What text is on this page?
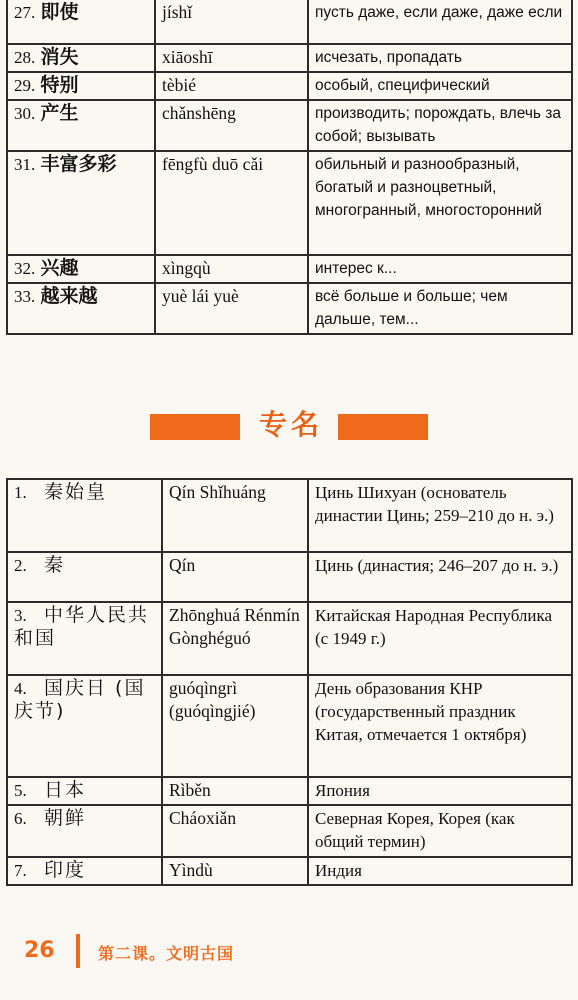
27. 即使	jíshǐ	пусть даже, если даже, даже если
28. 消失	xiāoshī	исчезать, пропадать
29. 特别	tèbié	особый, специфический
30. 产生	chǎnshēng	производить; порождать, влечь за собой; вызывать
31. 丰富多彩	fēngfù duō cǎi	обильный и разнообразный, богатый и разноцветный, многогранный, многосторонний
32. 兴趣	xìngqù	интерес к...
33. 越来越	yuè lái yuè	всё больше и больше; чем дальше, тем...
专名
1. 秦始皇	Qín Shǐhuáng	Цинь Шихуан (основатель династии Цинь; 259–210 до н. э.)
2. 秦	Qín	Цинь (династия; 246–207 до н. э.)
3. 中华人民共和国	Zhōnghuá Rénmín Gònghéguó	Китайская Народная Республика (с 1949 г.)
4. 国庆日 (国庆节)	guóqìngrì (guóqìngjié)	День образования КНР (государственный праздник Китая, отмечается 1 октября)
5. 日本	Rìběn	Япония
6. 朝鲜	Cháoxiǎn	Северная Корея, Корея (как общий термин)
7. 印度	Yìndù	Индия
26	第二课。文明古国
